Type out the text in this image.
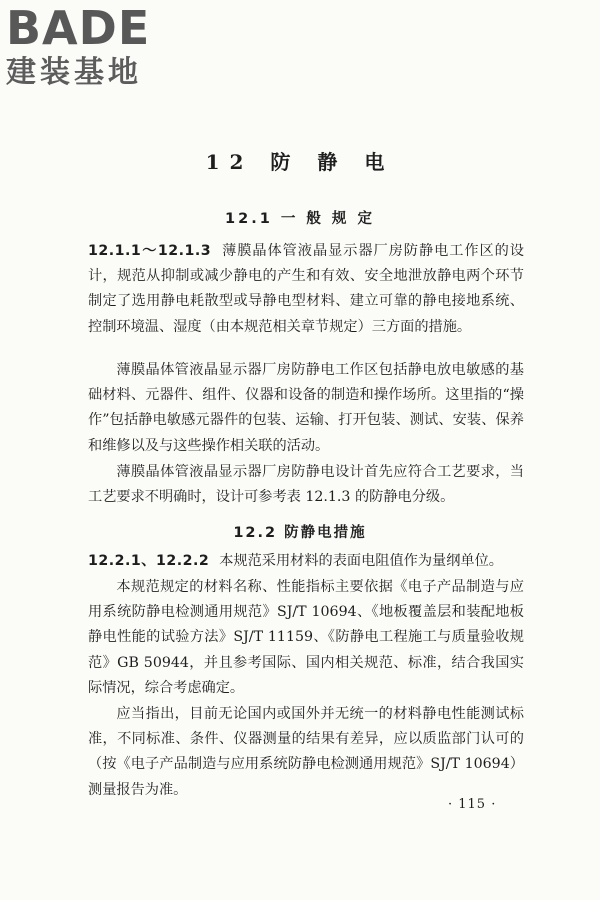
BADE
建装基地
12 防 静 电
12.1 一 般 规 定

12.1.1～12.1.3 薄膜晶体管液晶显示器厂房防静电工作区的设计，规范从抑制或减少静电的产生和有效、安全地泄放静电两个环节制定了选用静电耗散型或导静电型材料、建立可靠的静电接地系统、控制环境温、湿度（由本规范相关章节规定）三方面的措施。

薄膜晶体管液晶显示器厂房防静电工作区包括静电放电敏感的基础材料、元器件、组件、仪器和设备的制造和操作场所。这里指的“操作”包括静电敏感元器件的包装、运输、打开包装、测试、安装、保养和维修以及与这些操作相关联的活动。

薄膜晶体管液晶显示器厂房防静电设计首先应符合工艺要求，当工艺要求不明确时，设计可参考表 12.1.3 的防静电分级。

12.2 防静电措施

12.2.1、12.2.2 本规范采用材料的表面电阻值作为量纲单位。

本规范规定的材料名称、性能指标主要依据《电子产品制造与应用系统防静电检测通用规范》SJ/T 10694、《地板覆盖层和装配地板静电性能的试验方法》SJ/T 11159、《防静电工程施工与质量验收规范》GB 50944，并且参考国际、国内相关规范、标准，结合我国实际情况，综合考虑确定。

应当指出，目前无论国内或国外并无统一的材料静电性能测试标准，不同标准、条件、仪器测量的结果有差异，应以质监部门认可的（按《电子产品制造与应用系统防静电检测通用规范》SJ/T 10694）测量报告为准。

· 115 ·
